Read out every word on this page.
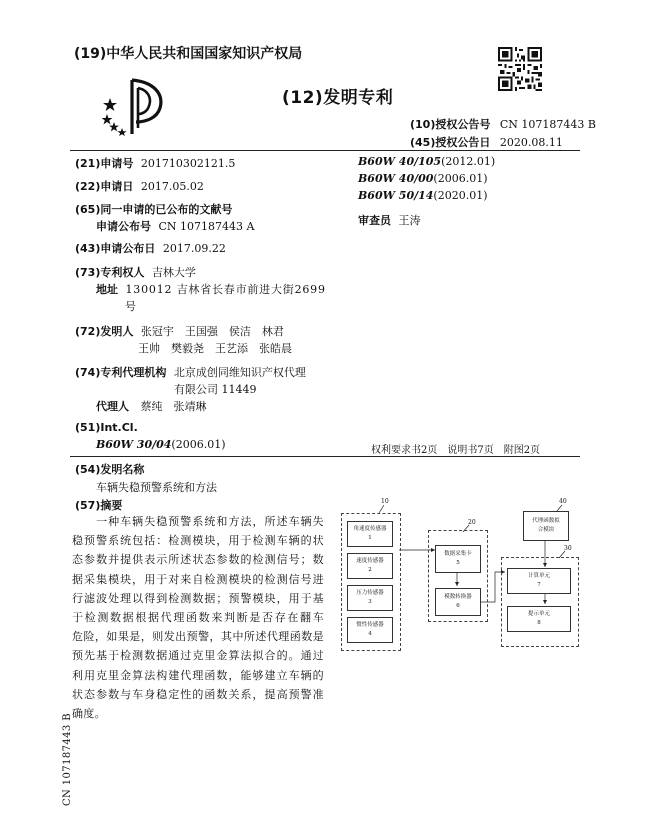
(19)中华人民共和国国家知识产权局
(12)发明专利
(10)授权公告号 CN 107187443 B
(45)授权公告日 2020.08.11
(21)申请号 201710302121.5
(22)申请日 2017.05.02
(65)同一申请的已公布的文献号
申请公布号 CN 107187443 A
(43)申请公布日 2017.09.22
(73)专利权人 吉林大学
地址 130012 吉林省长春市前进大街2699
号
(72)发明人 张冠宇　王国强　侯洁　林君
王帅　樊毅尧　王艺添　张皓晨
(74)专利代理机构 北京成创同维知识产权代理
有限公司 11449
代理人 蔡纯　张靖琳
(51)Int.Cl.
B60W 30/04(2006.01)
B60W 40/105(2012.01)
B60W 40/00(2006.01)
B60W 50/14(2020.01)
审查员 王涛
权利要求书2页　说明书7页　附图2页
(54)发明名称
车辆失稳预警系统和方法
(57)摘要
　　一种车辆失稳预警系统和方法，所述车辆失
稳预警系统包括：检测模块，用于检测车辆的状
态参数并提供表示所述状态参数的检测信号；数
据采集模块，用于对来自检测模块的检测信号进
行滤波处理以得到检测数据；预警模块，用于基
于检测数据根据代理函数来判断是否存在翻车
危险，如果是，则发出预警，其中所述代理函数是
预先基于检测数据通过克里金算法拟合的。通过
利用克里金算法构建代理函数，能够建立车辆的
状态参数与车身稳定性的函数关系，提高预警准
确度。
10
20
30
40
角速度传感器
1
速度传感器
2
压力传感器
3
惯性传感器
4
数据采集卡
5
模数转换器
6
代理函数拟
合模块
计算单元
7
提示单元
8
CN 107187443 B
